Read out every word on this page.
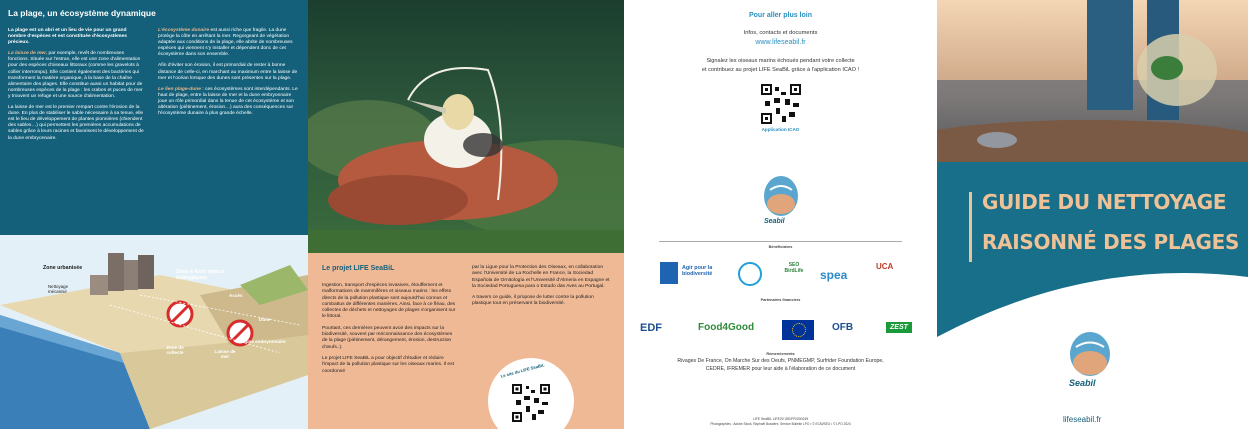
La plage, un écosystème dynamique

La plage est un abri et un lieu de vie pour un grand nombre d'espèces et est constituée d'écosystèmes précieux.

La laisse de mer, par exemple, revêt de nombreuses fonctions. Située sur l'estran, elle est une zone d'alimentation pour des espèces d'oiseaux littoraux (comme les gravelots à collier interrompu). Elle contient également des bactéries qui transforment la matière organique, à la base de la chaîne alimentaire des plages. Elle constitue aussi un habitat pour de nombreuses espèces de la plage : les crabes et puces de mer y trouvent un refuge et une source d'alimentation.

La laisse de mer est le premier rempart contre l'érosion de la dune. En plus de stabiliser le sable nécessaire à sa tenue, elle est le lieu de développement de plantes pionnières (chiendent des sables…) qui permettent les premières accumulations de sables grâce à leurs racines et favorisent le développement de la dune embryonnaire.

L'écosystème dunaire est aussi riche que fragile. La dune protège la côte en arrêtant la mer. Regorgeant de végétation adaptée aux conditions de la plage, elle abrite de nombreuses espèces qui viennent s'y installer et dépendent donc de cet écosystème dans son ensemble.

Afin d'éviter son érosion, il est primordial de rester à bonne distance de celle-ci, en marchant au maximum entre la laisse de mer et l'océan lorsque des dunes sont présentes sur la plage.

Le lien plage-dune : ces écosystèmes sont interdépendants. Le haut de plage, entre la laisse de mer et la dune embryonnaire joue un rôle primordial dans la tenue de cet écosystème et son altération (piétinement, érosion…) aura des conséquences sur l'écosystème dunaire à plus grande échelle.

Zone urbanisée
Nettoyage mécanisé
Zone à forts enjeux écologiques
Accès
Dune
Zone de collecte	Laisse de mer
Dune embryonnaire
Le projet LIFE SeaBiL

Ingestion, transport d'espèces invasives, étouffement et malformations de mammifères et oiseaux marins : les effets directs de la pollution plastique sont aujourd'hui connus et combattus de différentes manières. Ainsi, face à ce fléau, des collectes de déchets et nettoyages de plages s'organisent sur le littoral.

Pourtant, ces dernières peuvent avoir des impacts sur la biodiversité, souvent par méconnaissance des écosystèmes de la plage (piétinement, dérangement, érosion, destruction d'œufs..).

Le projet LIFE SeaBiL a pour objectif d'étudier et réduire l'impact de la pollution plastique sur les oiseaux marins. Il est coordonné

par la Ligue pour la Protection des Oiseaux, en collaboration avec l'Université de La Rochelle en France, la Sociedad Española de Ornitología et l'Université d'Almeria en Espagne et la Sociedad Portuguesa para o Estudo das Aves au Portugal.

A travers ce guide, il propose de lutter contre la pollution plastique tout en préservant la biodiversité.

Le site du LIFE SeaBiL
Pour aller plus loin
Infos, contacts et documents
www.lifeseabil.fr
Signalez les oiseaux marins échoués pendant votre collecte
et contribuez au projet LIFE SeaBiL grâce à l'application ICAO !
Application ICAO
Seabil
Bénéficiaires
Agir pour la biodiversité
SEO BirdLife	spea
UCA
Partenaires financiers
EDF	Food4Good	OFB	ZEST
Remerciements
Rivages De France, On Marche Sur des Oeufs, PNMEGMP, Surfrider Foundation Europe,
CEDRE, IFREMER pour leur aide à l'élaboration de ce document
LIFE SeaBiL LIFE20 GIE/FR/000249
Photographies : Adobe Stock, Raphaël Bussière, Service Bulletin LPO • © ECM/SEO • © LPO 2024
GUIDE DU NETTOYAGE
RAISONNÉ DES PLAGES
Seabil
lifeseabil.fr
